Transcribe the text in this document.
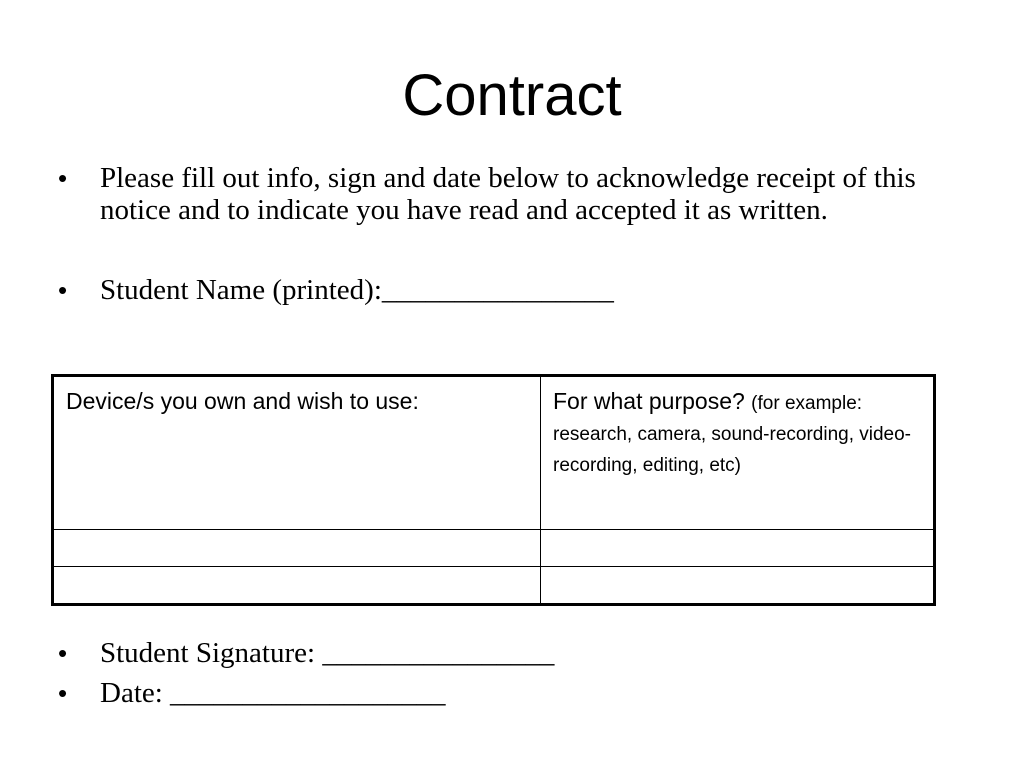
Contract
• Please fill out info, sign and date below to acknowledge receipt of this notice and to indicate you have read and accepted it as written.
• Student Name (printed):________________
Device/s you own and wish to use:	For what purpose? (for example: research, camera, sound-recording, video-recording, editing, etc)

• Student Signature: ________________
• Date: ___________________
